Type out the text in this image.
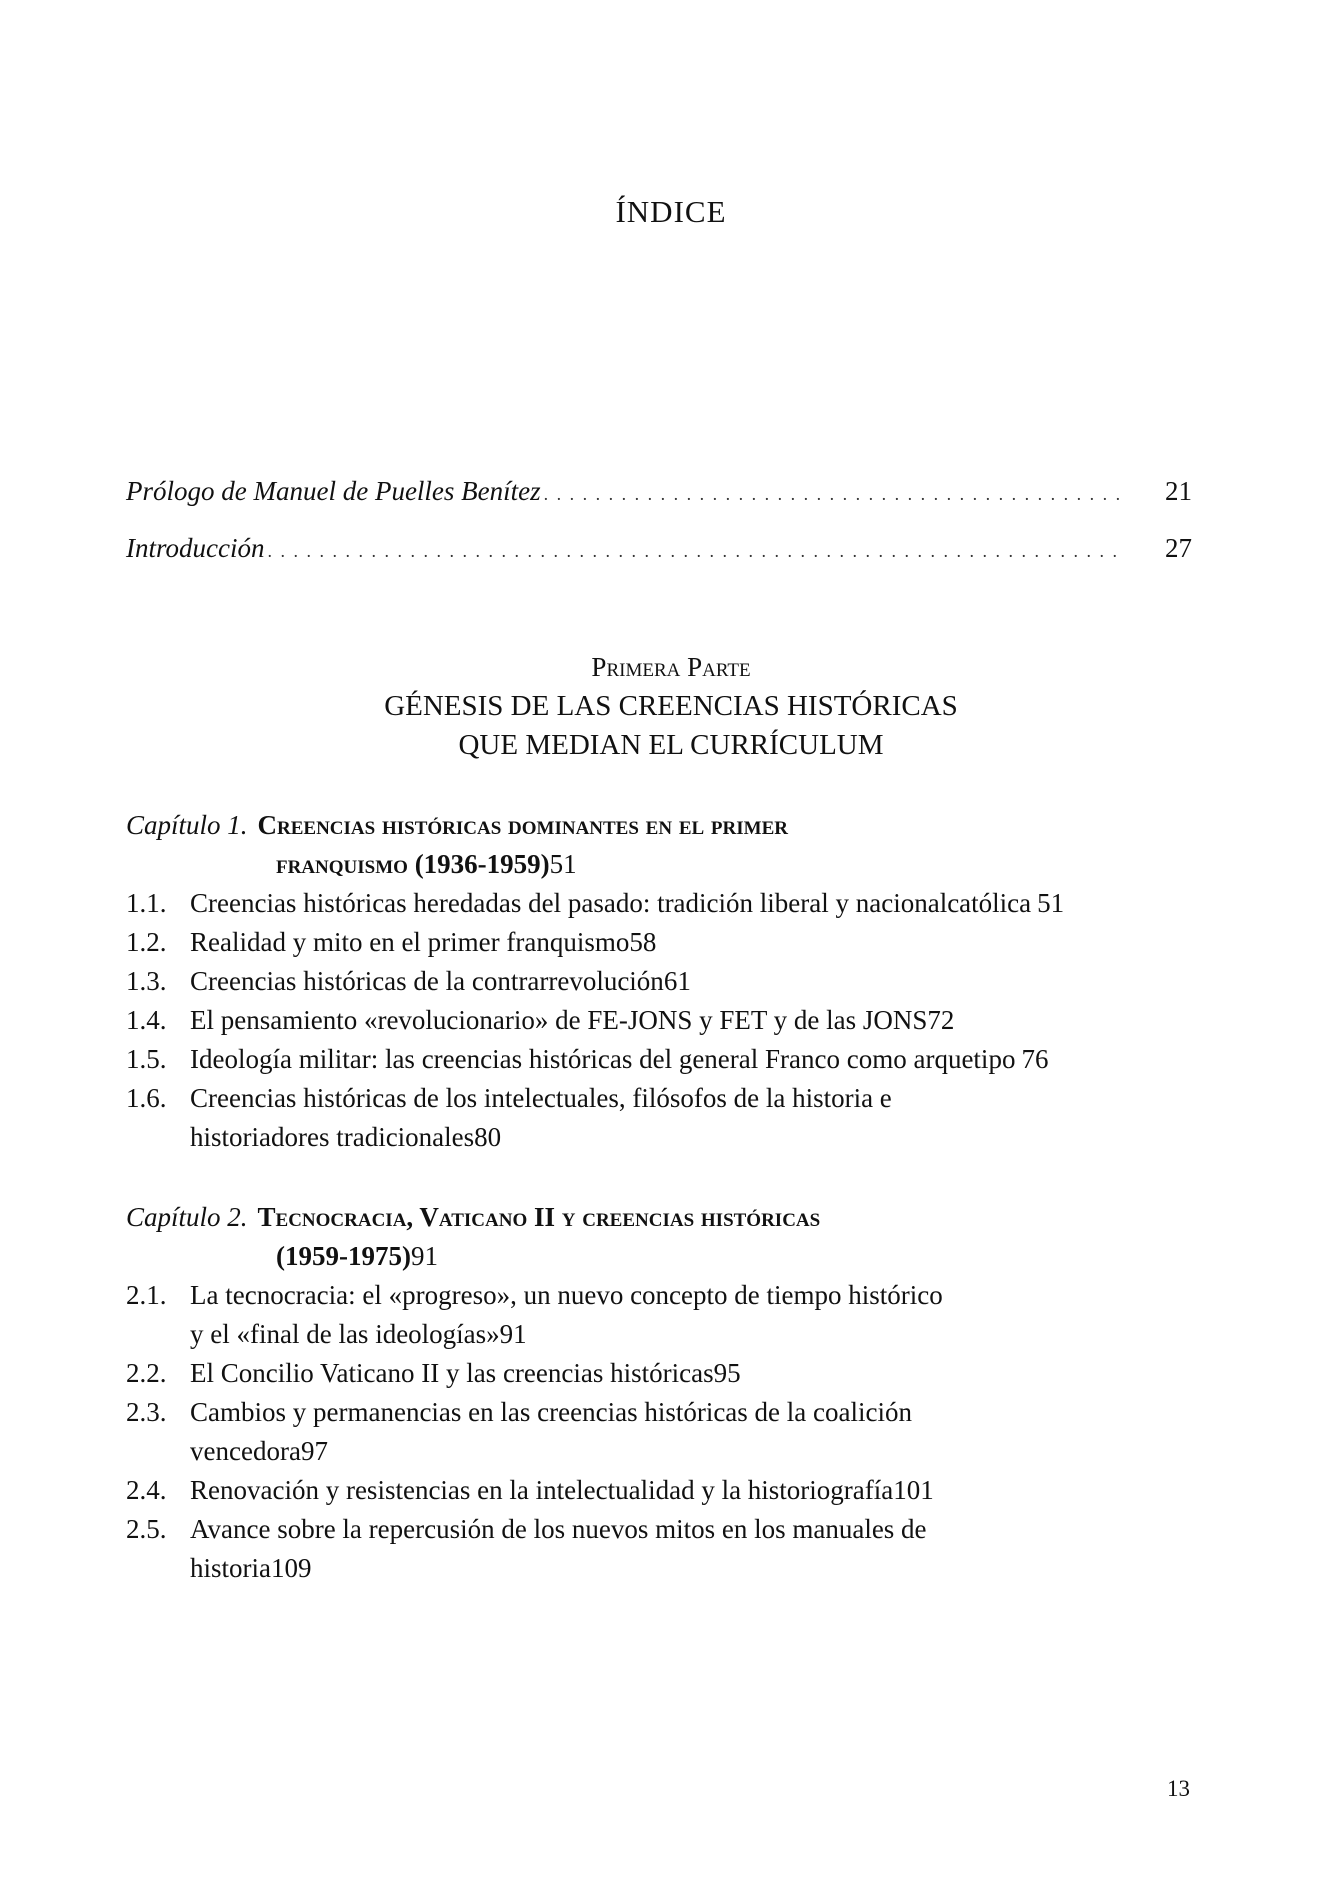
ÍNDICE
Prólogo de Manuel de Puelles Benítez . . .	21
Introducción . . .	27
Primera Parte
GÉNESIS DE LAS CREENCIAS HISTÓRICAS
QUE MEDIAN EL CURRÍCULUM
Capítulo 1. Creencias históricas dominantes en el primer
franquismo (1936-1959) 51
1.1. Creencias históricas heredadas del pasado: tradición liberal y nacionalcatólica 51
1.2. Realidad y mito en el primer franquismo 58
1.3. Creencias históricas de la contrarrevolución 61
1.4. El pensamiento «revolucionario» de FE-JONS y FET y de las JONS 72
1.5. Ideología militar: las creencias históricas del general Franco como arquetipo 76
1.6. Creencias históricas de los intelectuales, filósofos de la historia e
historiadores tradicionales 80
Capítulo 2. Tecnocracia, Vaticano II y creencias históricas
(1959-1975) 91
2.1. La tecnocracia: el «progreso», un nuevo concepto de tiempo histórico
y el «final de las ideologías» 91
2.2. El Concilio Vaticano II y las creencias históricas 95
2.3. Cambios y permanencias en las creencias históricas de la coalición
vencedora 97
2.4. Renovación y resistencias en la intelectualidad y la historiografía 101
2.5. Avance sobre la repercusión de los nuevos mitos en los manuales de
historia 109
13
